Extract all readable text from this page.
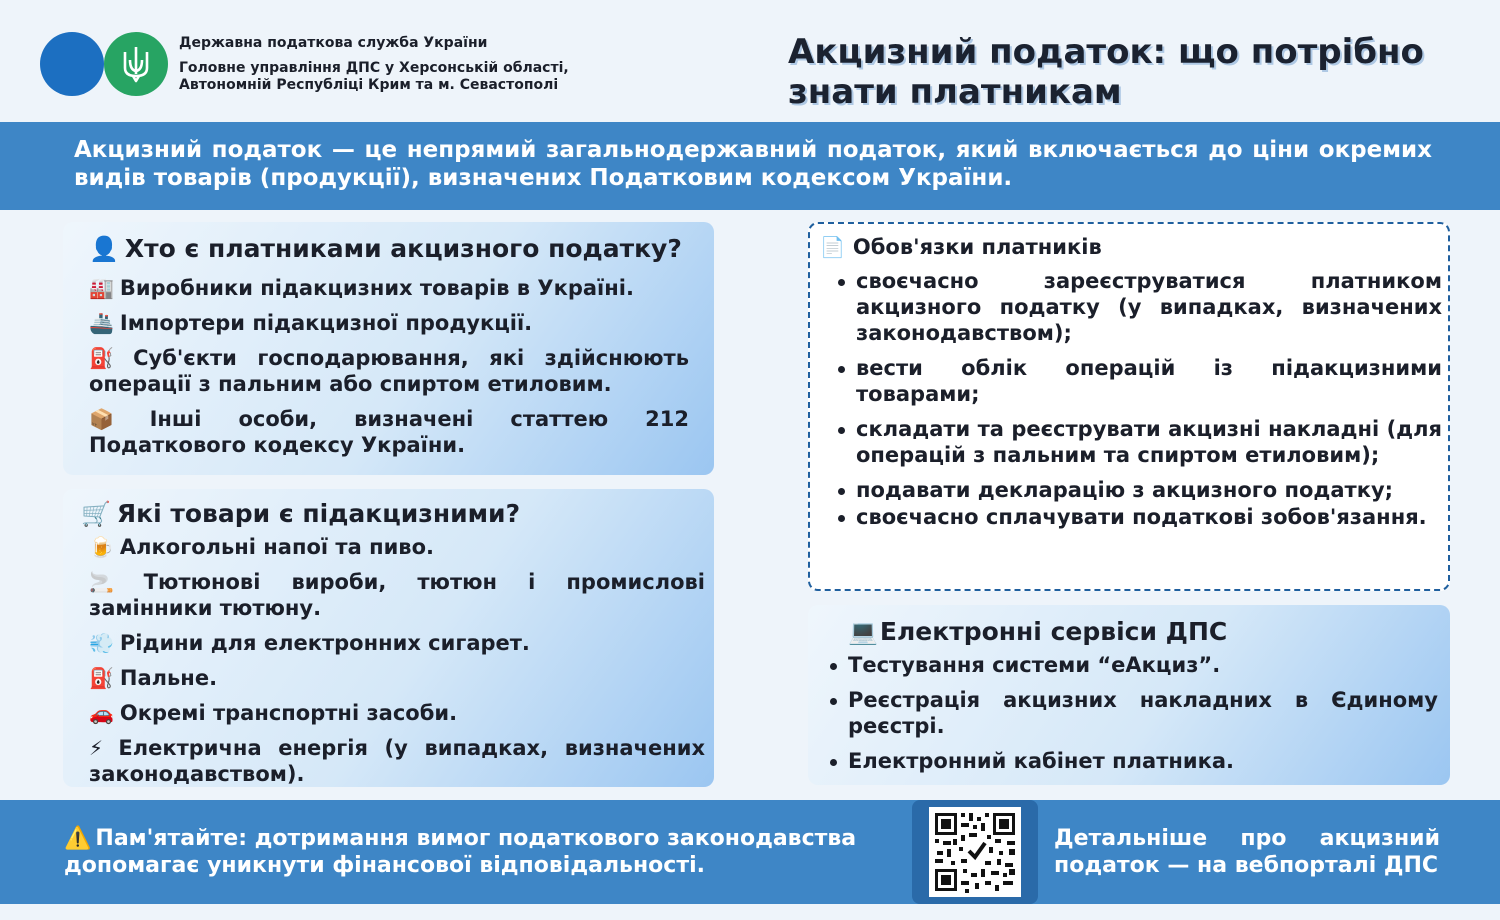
Державна податкова служба України
Головне управління ДПС у Херсонській області,
Автономній Республіці Крим та м. Севастополі
Акцизний податок: що потрібно
знати платникам
Акцизний податок — це непрямий загальнодержавний податок, який включається до ціни окремих видів товарів (продукції), визначених Податковим кодексом України.
👤 Хто є платниками акцизного податку?
🏭 Виробники підакцизних товарів в Україні.
🚢 Імпортери підакцизної продукції.
⛽ Суб'єкти господарювання, які здійснюють операції з пальним або спиртом етиловим.
📦 Інші особи, визначені статтею 212 Податкового кодексу України.
🛒 Які товари є підакцизними?
🍺 Алкогольні напої та пиво.
🚬 Тютюнові вироби, тютюн і промислові замінники тютюну.
💨 Рідини для електронних сигарет.
⛽ Пальне.
🚗 Окремі транспортні засоби.
⚡ Електрична енергія (у випадках, визначених законодавством).
📄 Обов'язки платників
своєчасно зареєструватися платником акцизного податку (у випадках, визначених законодавством);
вести облік операцій із підакцизними товарами;
складати та реєструвати акцизні накладні (для операцій з пальним та спиртом етиловим);
подавати декларацію з акцизного податку;
своєчасно сплачувати податкові зобов'язання.
💻Електронні сервіси ДПС
Тестування системи “еАкциз”.
Реєстрація акцизних накладних в Єдиному реєстрі.
Електронний кабінет платника.
⚠️ Пам'ятайте: дотримання вимог податкового законодавства допомагає уникнути фінансової відповідальності.
Детальніше про акцизний податок — на вебпорталі ДПС
